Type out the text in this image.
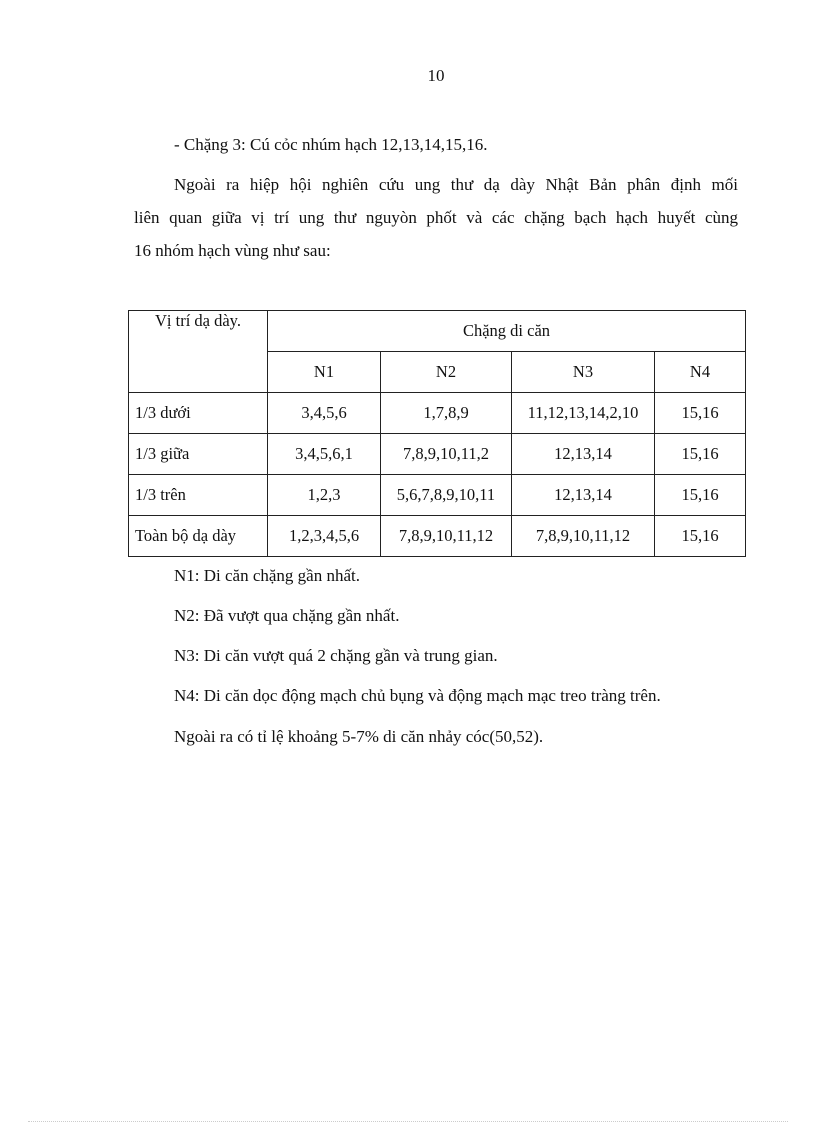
10
- Chặng 3: Cú cỏc nhúm hạch 12,13,14,15,16.
Ngoài ra hiệp hội nghiên cứu ung thư dạ dày Nhật Bản phân định mối
liên quan giữa vị trí ung thư nguyòn phốt và các chặng bạch hạch huyết cùng
16 nhóm hạch vùng như sau:
Vị trí dạ dày.	Chặng di căn			
	N1	N2	N3	N4
1/3 dưới	3,4,5,6	1,7,8,9	11,12,13,14,2,10	15,16
1/3 giữa	3,4,5,6,1	7,8,9,10,11,2	12,13,14	15,16
1/3 trên	1,2,3	5,6,7,8,9,10,11	12,13,14	15,16
Toàn bộ dạ dày	1,2,3,4,5,6	7,8,9,10,11,12	7,8,9,10,11,12	15,16
N1: Di căn chặng gần nhất.
N2: Đã vượt qua chặng gần nhất.
N3: Di căn vượt quá 2 chặng gần và trung gian.
N4: Di căn dọc động mạch chủ bụng và động mạch mạc treo tràng trên.
Ngoài ra có tỉ lệ khoảng 5-7% di căn nhảy cóc(50,52).
